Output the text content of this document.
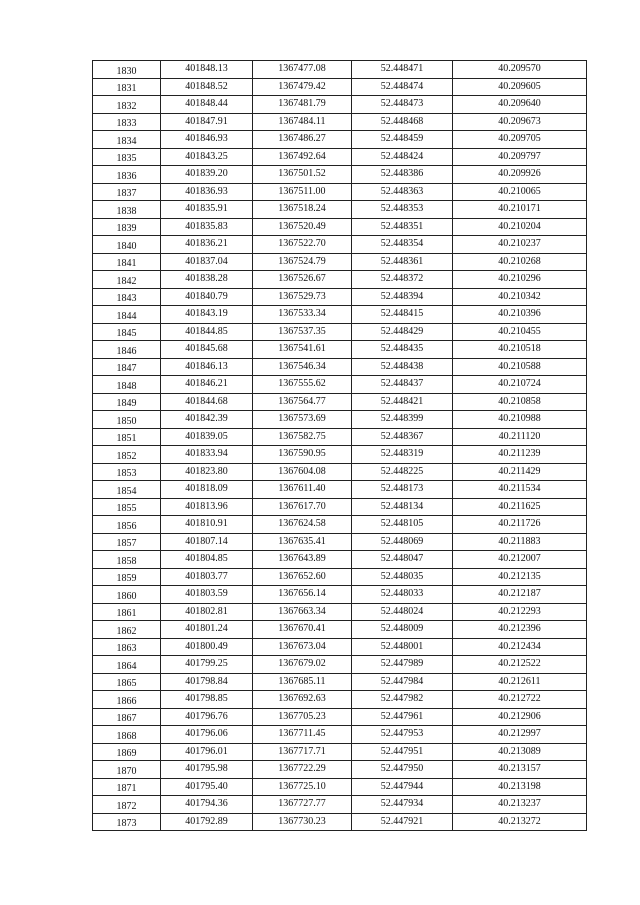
1830	401848.13	1367477.08	52.448471	40.209570
1831	401848.52	1367479.42	52.448474	40.209605
1832	401848.44	1367481.79	52.448473	40.209640
1833	401847.91	1367484.11	52.448468	40.209673
1834	401846.93	1367486.27	52.448459	40.209705
1835	401843.25	1367492.64	52.448424	40.209797
1836	401839.20	1367501.52	52.448386	40.209926
1837	401836.93	1367511.00	52.448363	40.210065
1838	401835.91	1367518.24	52.448353	40.210171
1839	401835.83	1367520.49	52.448351	40.210204
1840	401836.21	1367522.70	52.448354	40.210237
1841	401837.04	1367524.79	52.448361	40.210268
1842	401838.28	1367526.67	52.448372	40.210296
1843	401840.79	1367529.73	52.448394	40.210342
1844	401843.19	1367533.34	52.448415	40.210396
1845	401844.85	1367537.35	52.448429	40.210455
1846	401845.68	1367541.61	52.448435	40.210518
1847	401846.13	1367546.34	52.448438	40.210588
1848	401846.21	1367555.62	52.448437	40.210724
1849	401844.68	1367564.77	52.448421	40.210858
1850	401842.39	1367573.69	52.448399	40.210988
1851	401839.05	1367582.75	52.448367	40.211120
1852	401833.94	1367590.95	52.448319	40.211239
1853	401823.80	1367604.08	52.448225	40.211429
1854	401818.09	1367611.40	52.448173	40.211534
1855	401813.96	1367617.70	52.448134	40.211625
1856	401810.91	1367624.58	52.448105	40.211726
1857	401807.14	1367635.41	52.448069	40.211883
1858	401804.85	1367643.89	52.448047	40.212007
1859	401803.77	1367652.60	52.448035	40.212135
1860	401803.59	1367656.14	52.448033	40.212187
1861	401802.81	1367663.34	52.448024	40.212293
1862	401801.24	1367670.41	52.448009	40.212396
1863	401800.49	1367673.04	52.448001	40.212434
1864	401799.25	1367679.02	52.447989	40.212522
1865	401798.84	1367685.11	52.447984	40.212611
1866	401798.85	1367692.63	52.447982	40.212722
1867	401796.76	1367705.23	52.447961	40.212906
1868	401796.06	1367711.45	52.447953	40.212997
1869	401796.01	1367717.71	52.447951	40.213089
1870	401795.98	1367722.29	52.447950	40.213157
1871	401795.40	1367725.10	52.447944	40.213198
1872	401794.36	1367727.77	52.447934	40.213237
1873	401792.89	1367730.23	52.447921	40.213272
